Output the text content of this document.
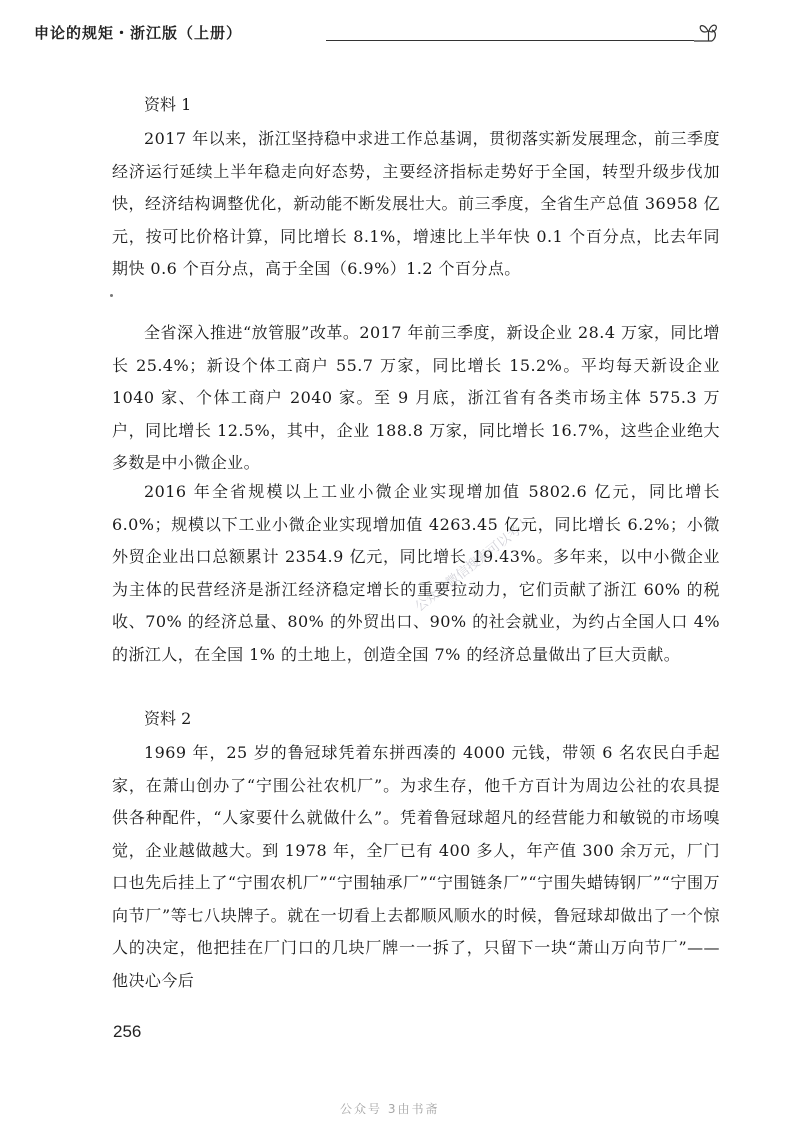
申论的规矩・浙江版（上册）

资料 1

2017 年以来，浙江坚持稳中求进工作总基调，贯彻落实新发展理念，前三季度经济运行延续上半年稳走向好态势，主要经济指标走势好于全国，转型升级步伐加快，经济结构调整优化，新动能不断发展壮大。前三季度，全省生产总值 36958 亿元，按可比价格计算，同比增长 8.1%，增速比上半年快 0.1 个百分点，比去年同期快 0.6 个百分点，高于全国（6.9%）1.2 个百分点。

全省深入推进“放管服”改革。2017 年前三季度，新设企业 28.4 万家，同比增长 25.4%；新设个体工商户 55.7 万家，同比增长 15.2%。平均每天新设企业 1040 家、个体工商户 2040 家。至 9 月底，浙江省有各类市场主体 575.3 万户，同比增长 12.5%，其中，企业 188.8 万家，同比增长 16.7%，这些企业绝大多数是中小微企业。

2016 年全省规模以上工业小微企业实现增加值 5802.6 亿元，同比增长 6.0%；规模以下工业小微企业实现增加值 4263.45 亿元，同比增长 6.2%；小微外贸企业出口总额累计 2354.9 亿元，同比增长 19.43%。多年来，以中小微企业为主体的民营经济是浙江经济稳定增长的重要拉动力，它们贡献了浙江 60% 的税收、70% 的经济总量、80% 的外贸出口、90% 的社会就业，为约占全国人口 4% 的浙江人，在全国 1% 的土地上，创造全国 7% 的经济总量做出了巨大贡献。

资料 2

1969 年，25 岁的鲁冠球凭着东拼西凑的 4000 元钱，带领 6 名农民白手起家，在萧山创办了“宁围公社农机厂”。为求生存，他千方百计为周边公社的农具提供各种配件，“人家要什么就做什么”。凭着鲁冠球超凡的经营能力和敏锐的市场嗅觉，企业越做越大。到 1978 年，全厂已有 400 多人，年产值 300 余万元，厂门口也先后挂上了“宁围农机厂”“宁围轴承厂”“宁围链条厂”“宁围失蜡铸钢厂”“宁围万向节厂”等七八块牌子。就在一切看上去都顺风顺水的时候，鲁冠球却做出了一个惊人的决定，他把挂在厂门口的几块厂牌一一拆了，只留下一块“萧山万向节厂”——他决心今后

公众号微信搜索可以考上
256
公众号 3由书斋
